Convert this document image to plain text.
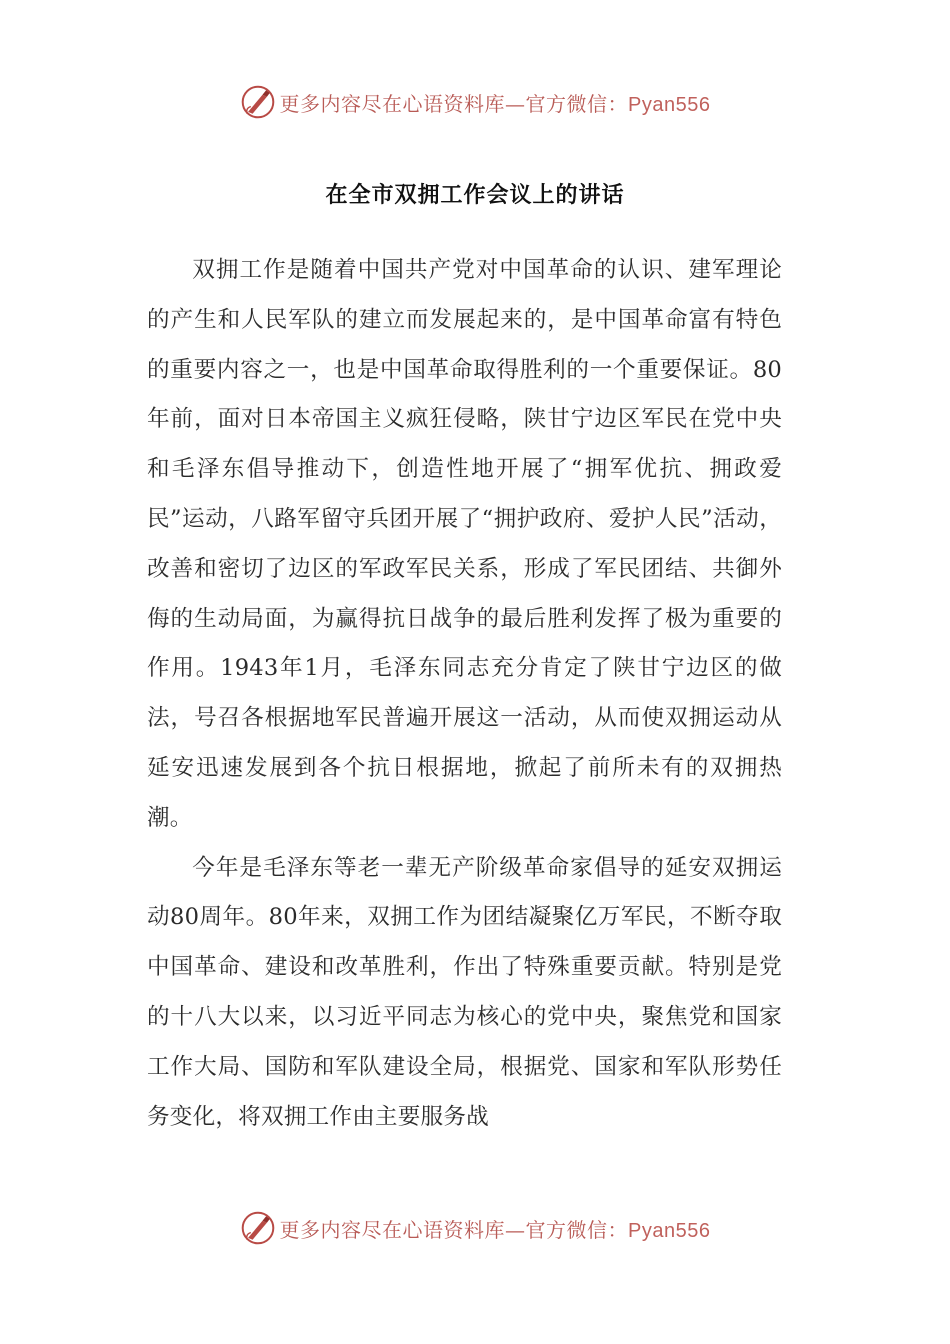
更多内容尽在心语资料库—官方微信：Pyan556
在全市双拥工作会议上的讲话

双拥工作是随着中国共产党对中国革命的认识、建军理论的产生和人民军队的建立而发展起来的，是中国革命富有特色的重要内容之一，也是中国革命取得胜利的一个重要保证。80年前，面对日本帝国主义疯狂侵略，陕甘宁边区军民在党中央和毛泽东倡导推动下，创造性地开展了“拥军优抗、拥政爱民”运动，八路军留守兵团开展了“拥护政府、爱护人民”活动，改善和密切了边区的军政军民关系，形成了军民团结、共御外侮的生动局面，为赢得抗日战争的最后胜利发挥了极为重要的作用。1943年1月，毛泽东同志充分肯定了陕甘宁边区的做法，号召各根据地军民普遍开展这一活动，从而使双拥运动从延安迅速发展到各个抗日根据地，掀起了前所未有的双拥热潮。

今年是毛泽东等老一辈无产阶级革命家倡导的延安双拥运动80周年。80年来，双拥工作为团结凝聚亿万军民，不断夺取中国革命、建设和改革胜利，作出了特殊重要贡献。特别是党的十八大以来，以习近平同志为核心的党中央，聚焦党和国家工作大局、国防和军队建设全局，根据党、国家和军队形势任务变化，将双拥工作由主要服务战

更多内容尽在心语资料库—官方微信：Pyan556
